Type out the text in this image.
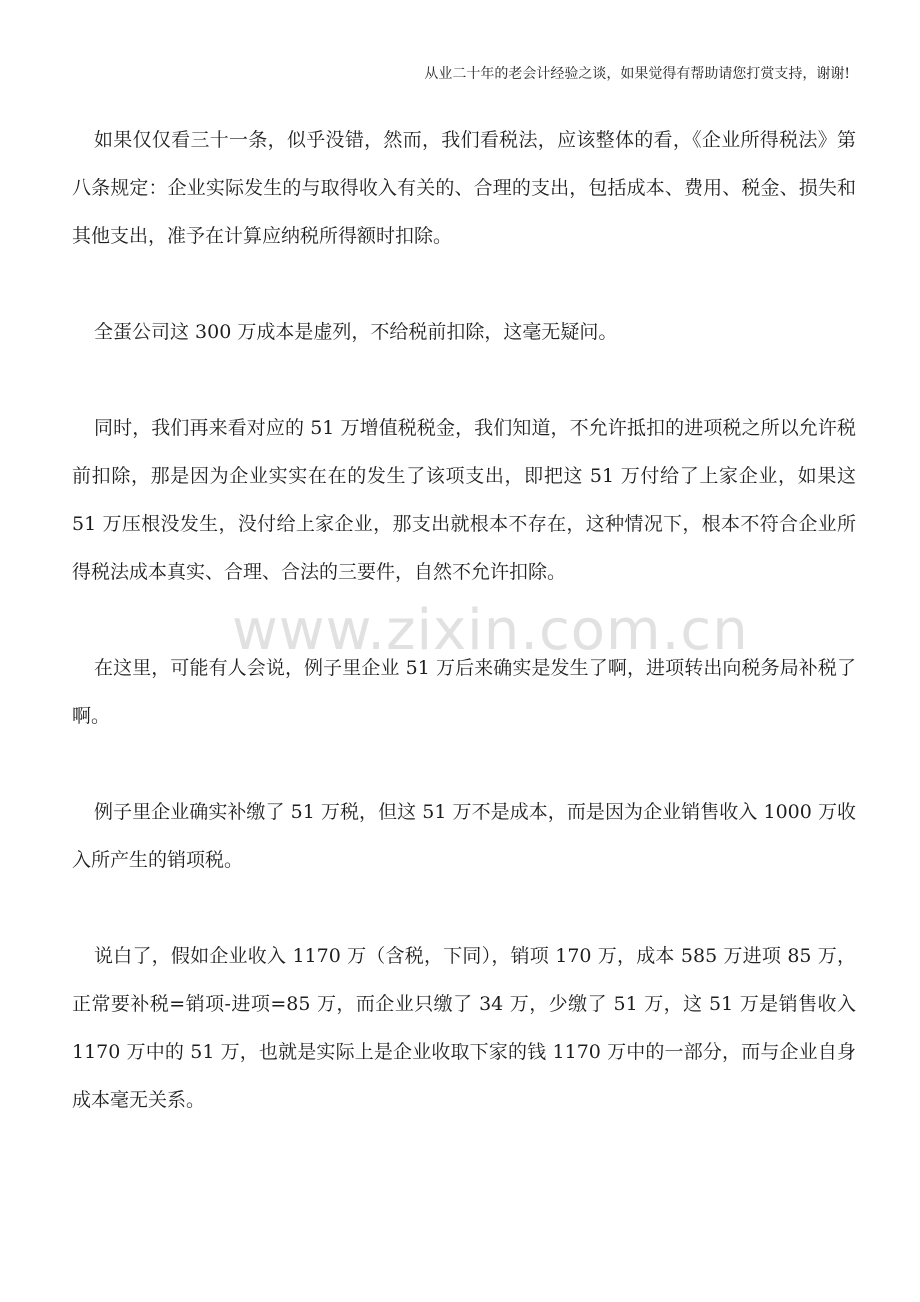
从业二十年的老会计经验之谈，如果觉得有帮助请您打赏支持，谢谢!

如果仅仅看三十一条，似乎没错，然而，我们看税法，应该整体的看，《企业所得税法》第八条规定：企业实际发生的与取得收入有关的、合理的支出，包括成本、费用、税金、损失和其他支出，准予在计算应纳税所得额时扣除。

全蛋公司这 300 万成本是虚列，不给税前扣除，这毫无疑问。

同时，我们再来看对应的 51 万增值税税金，我们知道，不允许抵扣的进项税之所以允许税前扣除，那是因为企业实实在在的发生了该项支出，即把这 51 万付给了上家企业，如果这 51 万压根没发生，没付给上家企业，那支出就根本不存在，这种情况下，根本不符合企业所得税法成本真实、合理、合法的三要件，自然不允许扣除。

在这里，可能有人会说，例子里企业 51 万后来确实是发生了啊，进项转出向税务局补税了啊。

例子里企业确实补缴了 51 万税，但这 51 万不是成本，而是因为企业销售收入 1000 万收入所产生的销项税。

说白了，假如企业收入 1170 万（含税，下同），销项 170 万，成本 585 万进项 85 万，正常要补税=销项-进项=85 万，而企业只缴了 34 万，少缴了 51 万，这 51 万是销售收入 1170 万中的 51 万，也就是实际上是企业收取下家的钱 1170 万中的一部分，而与企业自身成本毫无关系。

www.zixin.com.cn
